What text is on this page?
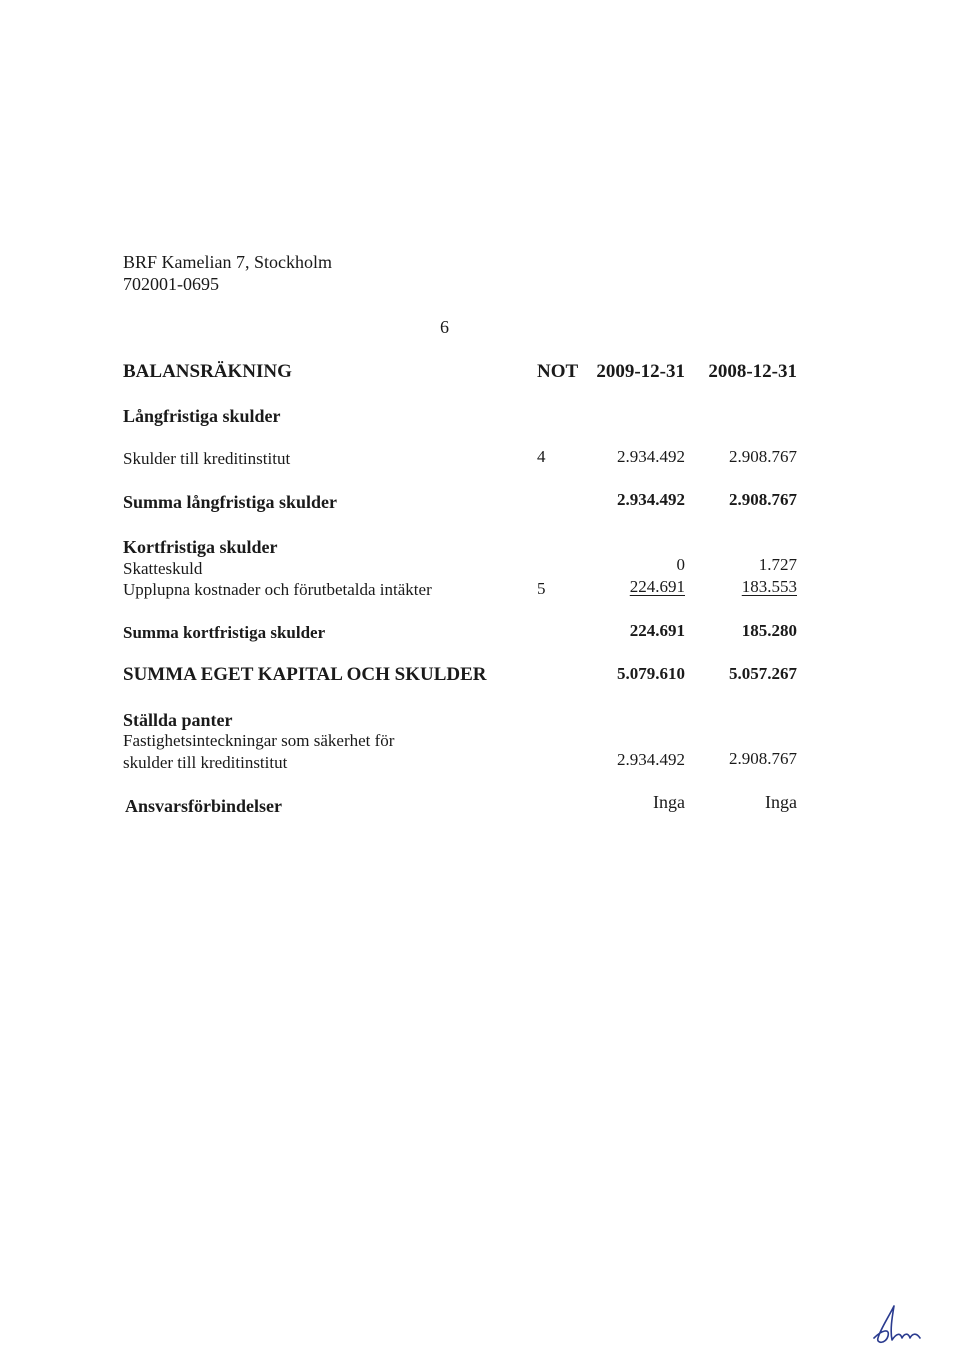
BRF Kamelian 7, Stockholm
702001-0695
6
BALANSRÄKNING	NOT 2009-12-31	2008-12-31
Långfristiga skulder
Skulder till kreditinstitut	4	2.934.492	2.908.767
Summa långfristiga skulder	2.934.492	2.908.767
Kortfristiga skulder
Skatteskuld	0	1.727
Upplupna kostnader och förutbetalda intäkter	5	224.691	183.553
Summa kortfristiga skulder	224.691	185.280
SUMMA EGET KAPITAL OCH SKULDER	5.079.610	5.057.267
Ställda panter
Fastighetsinteckningar som säkerhet för
skulder till kreditinstitut	2.934.492	2.908.767
Ansvarsförbindelser	Inga	Inga
